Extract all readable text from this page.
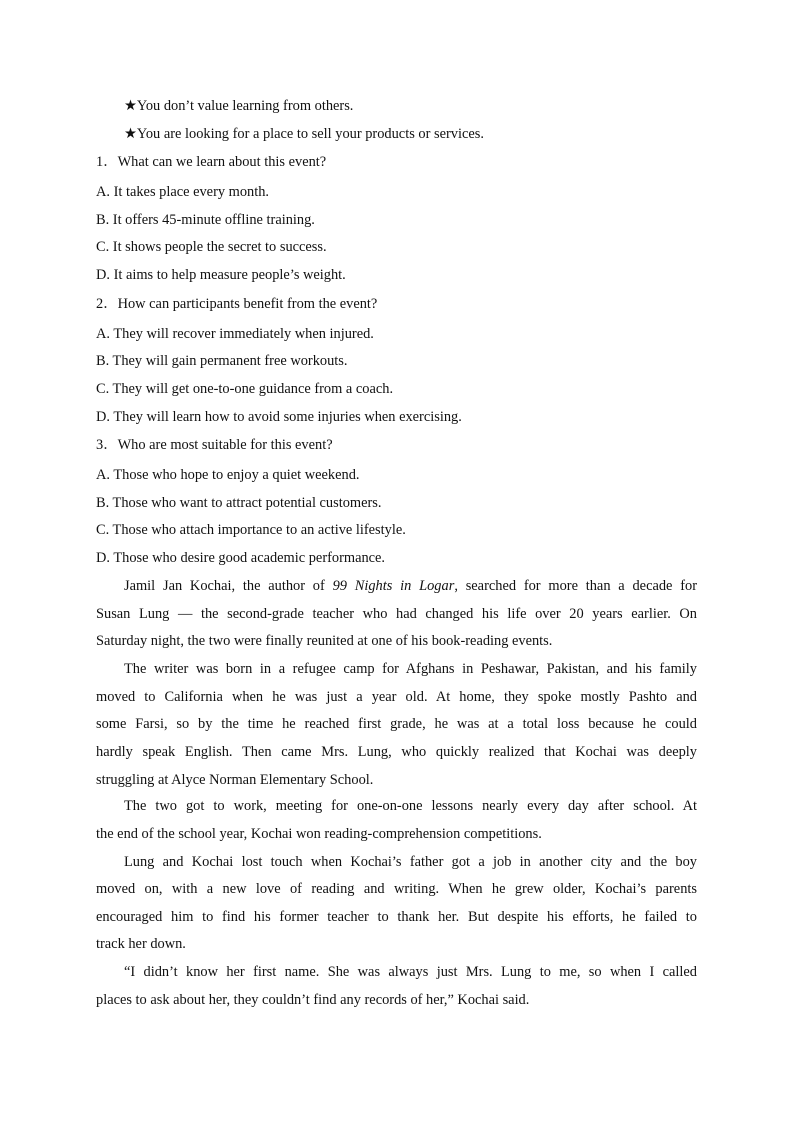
★You don’t value learning from others.
★You are looking for a place to sell your products or services.
1．What can we learn about this event?
A. It takes place every month.
B. It offers 45-minute offline training.
C. It shows people the secret to success.
D. It aims to help measure people’s weight.
2．How can participants benefit from the event?
A. They will recover immediately when injured.
B. They will gain permanent free workouts.
C. They will get one-to-one guidance from a coach.
D. They will learn how to avoid some injuries when exercising.
3．Who are most suitable for this event?
A. Those who hope to enjoy a quiet weekend.
B. Those who want to attract potential customers.
C. Those who attach importance to an active lifestyle.
D. Those who desire good academic performance.
Jamil Jan Kochai, the author of 99 Nights in Logar, searched for more than a decade for
Susan Lung — the second-grade teacher who had changed his life over 20 years earlier. On
Saturday night, the two were finally reunited at one of his book-reading events.
The writer was born in a refugee camp for Afghans in Peshawar, Pakistan, and his family
moved to California when he was just a year old. At home, they spoke mostly Pashto and
some Farsi, so by the time he reached first grade, he was at a total loss because he could
hardly speak English. Then came Mrs. Lung, who quickly realized that Kochai was deeply
struggling at Alyce Norman Elementary School.
The two got to work, meeting for one-on-one lessons nearly every day after school. At
the end of the school year, Kochai won reading-comprehension competitions.
Lung and Kochai lost touch when Kochai’s father got a job in another city and the boy
moved on, with a new love of reading and writing. When he grew older, Kochai’s parents
encouraged him to find his former teacher to thank her. But despite his efforts, he failed to
track her down.
“I didn’t know her first name. She was always just Mrs. Lung to me, so when I called
places to ask about her, they couldn’t find any records of her,” Kochai said.
